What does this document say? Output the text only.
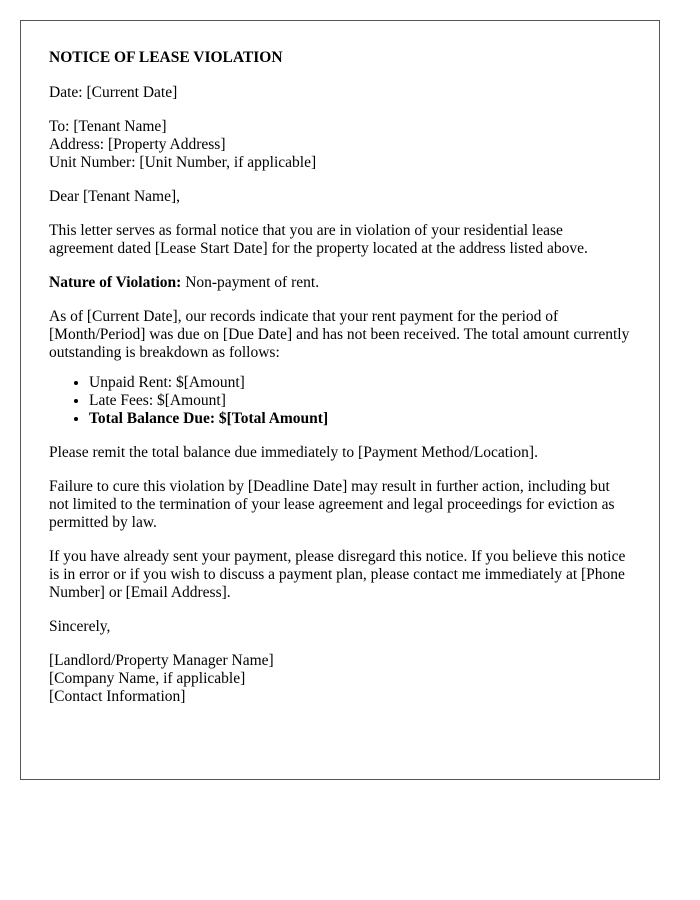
NOTICE OF LEASE VIOLATION

Date: [Current Date]

To: [Tenant Name]
Address: [Property Address]
Unit Number: [Unit Number, if applicable]

Dear [Tenant Name],

This letter serves as formal notice that you are in violation of your residential lease agreement dated [Lease Start Date] for the property located at the address listed above.

Nature of Violation: Non-payment of rent.

As of [Current Date], our records indicate that your rent payment for the period of [Month/Period] was due on [Due Date] and has not been received. The total amount currently outstanding is breakdown as follows:

• Unpaid Rent: $[Amount]
• Late Fees: $[Amount]
• Total Balance Due: $[Total Amount]

Please remit the total balance due immediately to [Payment Method/Location].

Failure to cure this violation by [Deadline Date] may result in further action, including but not limited to the termination of your lease agreement and legal proceedings for eviction as permitted by law.

If you have already sent your payment, please disregard this notice. If you believe this notice is in error or if you wish to discuss a payment plan, please contact me immediately at [Phone Number] or [Email Address].

Sincerely,

[Landlord/Property Manager Name]
[Company Name, if applicable]
[Contact Information]
